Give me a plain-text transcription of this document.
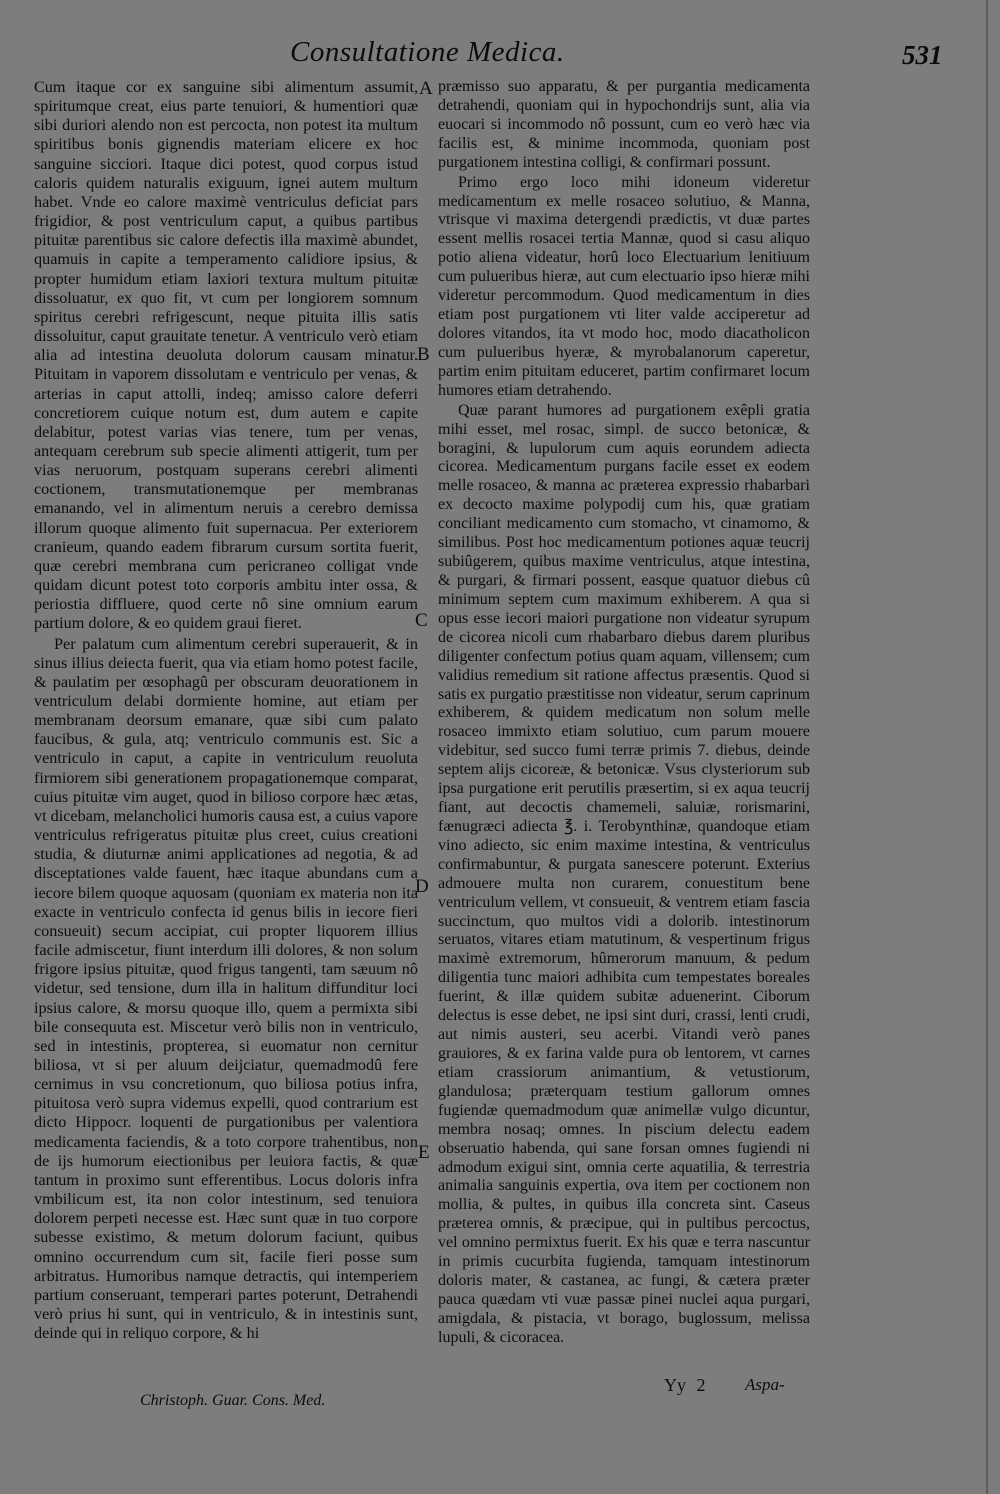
Consultatione Medica.	531

Cum itaque cor ex sanguine sibi alimentum assumit, spiritumque creat, eius parte tenuiori, & humentiori quæ sibi duriori alendo non est percocta, non potest ita multum spiritibus bonis gignendis materiam elicere ex hoc sanguine sicciori. Itaque dici potest, quod corpus istud caloris quidem naturalis exiguum, ignei autem multum habet. Vnde eo calore maximè ventriculus deficiat pars frigidior, & post ventriculum caput, a quibus partibus pituitæ parentibus sic calore defectis illa maximè abundet, quamuis in capite a temperamento calidiore ipsius, & propter humidum etiam laxiori textura multum pituitæ dissoluatur, ex quo fit, vt cum per longiorem somnum spiritus cerebri refrigescunt, neque pituita illis satis dissoluitur, caput grauitate tenetur. A ventriculo verò etiam alia ad intestina deuoluta dolorum causam minatur. Pituitam in vaporem dissolutam e ventriculo per venas, & arterias in caput attolli, indeq; amisso calore deferri concretiorem cuique notum est, dum autem e capite delabitur, potest varias vias tenere, tum per venas, antequam cerebrum sub specie alimenti attigerit, tum per vias neruorum, postquam superans cerebri alimenti coctionem, transmutationemque per membranas emanando, vel in alimentum neruis a cerebro demissa illorum quoque alimento fuit supernacua. Per exteriorem cranieum, quando eadem fibrarum cursum sortita fuerit, quæ cerebri membrana cum pericraneo colligat vnde quidam dicunt potest toto corporis ambitu inter ossa, & periostia diffluere, quod certe nô sine omnium earum partium dolore, & eo quidem graui fieret.

Per palatum cum alimentum cerebri superauerit, & in sinus illius deiecta fuerit, qua via etiam homo potest facile, & paulatim per œsophagû per obscuram deuorationem in ventriculum delabi dormiente homine, aut etiam per membranam deorsum emanare, quæ sibi cum palato faucibus, & gula, atq; ventriculo communis est. Sic a ventriculo in caput, a capite in ventriculum reuoluta firmiorem sibi generationem propagationemque comparat, cuius pituitæ vim auget, quod in bilioso corpore hæc ætas, vt dicebam, melancholici humoris causa est, a cuius vapore ventriculus refrigeratus pituitæ plus creet, cuius creationi studia, & diuturnæ animi applicationes ad negotia, & ad disceptationes valde fauent, hæc itaque abundans cum a iecore bilem quoque aquosam (quoniam ex materia non ita exacte in ventriculo confecta id genus bilis in iecore fieri consueuit) secum accipiat, cui propter liquorem illius facile admiscetur, fiunt interdum illi dolores, & non solum frigore ipsius pituitæ, quod frigus tangenti, tam sæuum nô videtur, sed tensione, dum illa in halitum diffunditur loci ipsius calore, & morsu quoque illo, quem a permixta sibi bile consequuta est. Miscetur verò bilis non in ventriculo, sed in intestinis, propterea, si euomatur non cernitur biliosa, vt si per aluum deijciatur, quemadmodû fere cernimus in vsu concretionum, quo biliosa potius infra, pituitosa verò supra videmus expelli, quod contrarium est dicto Hippocr. loquenti de purgationibus per valentiora medicamenta faciendis, & a toto corpore trahentibus, non de ijs humorum eiectionibus per leuiora factis, & quæ tantum in proximo sunt efferentibus. Locus doloris infra vmbilicum est, ita non color intestinum, sed tenuiora dolorem perpeti necesse est. Hæc sunt quæ in tuo corpore subesse existimo, & metum dolorum faciunt, quibus omnino occurrendum cum sit, facile fieri posse sum arbitratus. Humoribus namque detractis, qui intemperiem partium conseruant, temperari partes poterunt, Detrahendi verò prius hi sunt, qui in ventriculo, & in intestinis sunt, deinde qui in reliquo corpore, & hi

A
B
C
D
E

præmisso suo apparatu, & per purgantia medicamenta detrahendi, quoniam qui in hypochondrijs sunt, alia via euocari si incommodo nô possunt, cum eo verò hæc via facilis est, & minime incommoda, quoniam post purgationem intestina colligi, & confirmari possunt.

Primo ergo loco mihi idoneum videretur medicamentum ex melle rosaceo solutiuo, & Manna, vtrisque vi maxima detergendi prædictis, vt duæ partes essent mellis rosacei tertia Mannæ, quod si casu aliquo potio aliena videatur, horû loco Electuarium lenitiuum cum pulueribus hieræ, aut cum electuario ipso hieræ mihi videretur percommodum. Quod medicamentum in dies etiam post purgationem vti liter valde acciperetur ad dolores vitandos, ita vt modo hoc, modo diacatholicon cum pulueribus hyeræ, & myrobalanorum caperetur, partim enim pituitam educeret, partim confirmaret locum humores etiam detrahendo.

Quæ parant humores ad purgationem exêpli gratia mihi esset, mel rosac, simpl. de succo betonicæ, & boragini, & lupulorum cum aquis eorundem adiecta cicorea. Medicamentum purgans facile esset ex eodem melle rosaceo, & manna ac præterea expressio rhabarbari ex decocto maxime polypodij cum his, quæ gratiam conciliant medicamento cum stomacho, vt cinamomo, & similibus. Post hoc medicamentum potiones aquæ teucrij subiûgerem, quibus maxime ventriculus, atque intestina, & purgari, & firmari possent, easque quatuor diebus cû minimum septem cum maximum exhiberem. A qua si opus esse iecori maiori purgatione non videatur syrupum de cicorea nicoli cum rhabarbaro diebus darem pluribus diligenter confectum potius quam aquam, villensem; cum validius remedium sit ratione affectus præsentis. Quod si satis ex purgatio præstitisse non videatur, serum caprinum exhiberem, & quidem medicatum non solum melle rosaceo immixto etiam solutiuo, cum parum mouere videbitur, sed succo fumi terræ primis 7. diebus, deinde septem alijs cicoreæ, & betonicæ. Vsus clysteriorum sub ipsa purgatione erit perutilis præsertim, si ex aqua teucrij fiant, aut decoctis chamemeli, saluiæ, rorismarini, fænugræci adiecta ℥. i. Terobynthinæ, quandoque etiam vino adiecto, sic enim maxime intestina, & ventriculus confirmabuntur, & purgata sanescere poterunt. Exterius admouere multa non curarem, conuestitum bene ventriculum vellem, vt consueuit, & ventrem etiam fascia succinctum, quo multos vidi a dolorib. intestinorum seruatos, vitares etiam matutinum, & vespertinum frigus maximè extremorum, hûmerorum manuum, & pedum diligentia tunc maiori adhibita cum tempestates boreales fuerint, & illæ quidem subitæ aduenerint. Ciborum delectus is esse debet, ne ipsi sint duri, crassi, lenti crudi, aut nimis austeri, seu acerbi. Vitandi verò panes grauiores, & ex farina valde pura ob lentorem, vt carnes etiam crassiorum animantium, & vetustiorum, glandulosa; præterquam testium gallorum omnes fugiendæ quemadmodum quæ animellæ vulgo dicuntur, membra nosaq; omnes. In piscium delectu eadem obseruatio habenda, qui sane forsan omnes fugiendi ni admodum exigui sint, omnia certe aquatilia, & terrestria animalia sanguinis expertia, ova item per coctionem non mollia, & pultes, in quibus illa concreta sint. Caseus præterea omnis, & præcipue, qui in pultibus percoctus, vel omnino permixtus fuerit. Ex his quæ e terra nascuntur in primis cucurbita fugienda, tamquam intestinorum doloris mater, & castanea, ac fungi, & cætera præter pauca quædam vti vuæ passæ pinei nuclei aqua purgari, amigdala, & pistacia, vt borago, buglossum, melissa lupuli, & cicoracea.

Christoph. Guar. Cons. Med.
Yy 2 Aspa-
